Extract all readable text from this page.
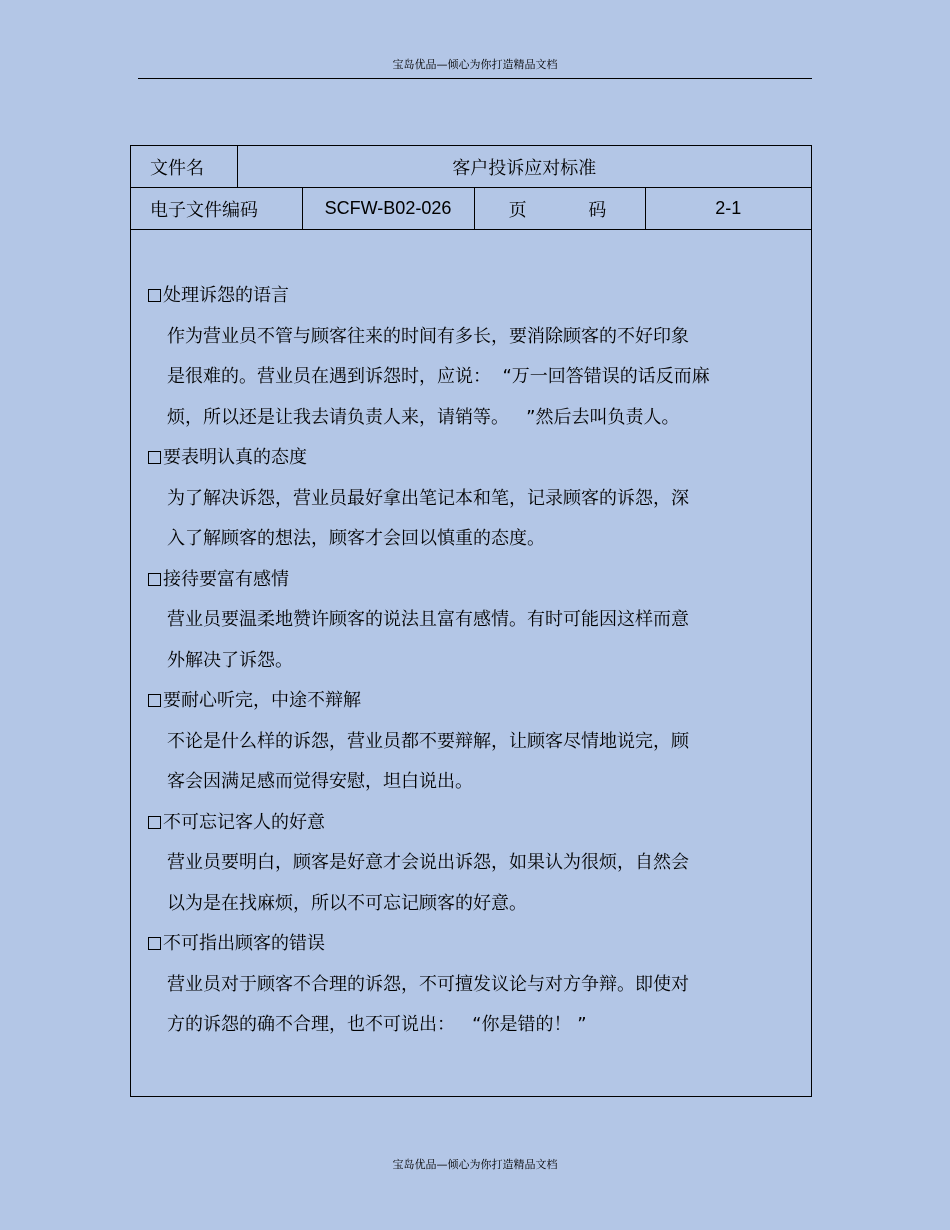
宝岛优品—倾心为你打造精品文档
文件名	客户投诉应对标准			
电子文件编码		SCFW-B02-026	页 码	2-1
处理诉怨的语言
作为营业员不管与顾客往来的时间有多长，要消除顾客的不好印象
是很难的。营业员在遇到诉怨时，应说：  “万一回答错误的话反而麻
烦，所以还是让我去请负责人来，请销等。   ”然后去叫负责人。
要表明认真的态度
为了解决诉怨，营业员最好拿出笔记本和笔，记录顾客的诉怨，深
入了解顾客的想法，顾客才会回以慎重的态度。
接待要富有感情
营业员要温柔地赞许顾客的说法且富有感情。有时可能因这样而意
外解决了诉怨。
要耐心听完，中途不辩解
不论是什么样的诉怨，营业员都不要辩解，让顾客尽情地说完，顾
客会因满足感而觉得安慰，坦白说出。
不可忘记客人的好意
营业员要明白，顾客是好意才会说出诉怨，如果认为很烦，自然会
以为是在找麻烦，所以不可忘记顾客的好意。
不可指出顾客的错误
营业员对于顾客不合理的诉怨，不可擅发议论与对方争辩。即使对
方的诉怨的确不合理，也不可说出：   “你是错的！ ”
宝岛优品—倾心为你打造精品文档
